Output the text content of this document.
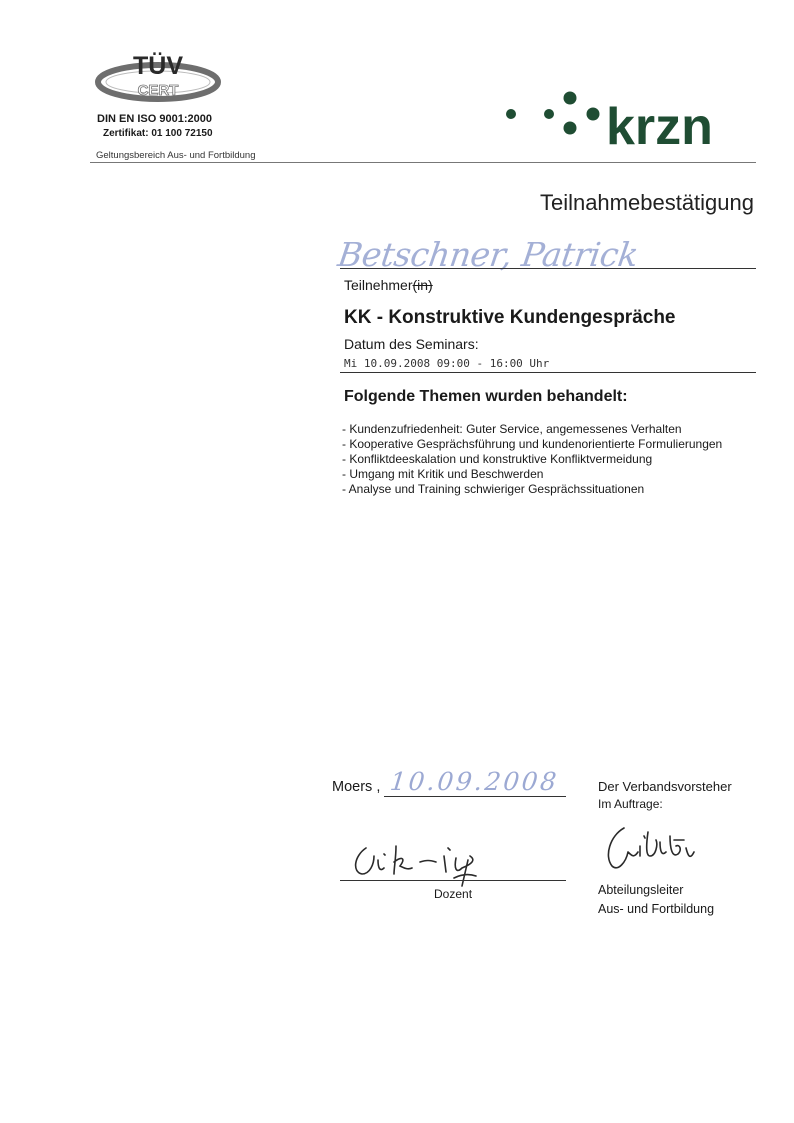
TÜV
CERT
DIN EN ISO 9001:2000
Zertifikat: 01 100 72150
Geltungsbereich Aus- und Fortbildung	krzn
Teilnahmebestätigung
Betschner, Patrick
Teilnehmer(in)
KK - Konstruktive Kundengespräche
Datum des Seminars:
Mi 10.09.2008 09:00 - 16:00 Uhr
Folgende Themen wurden behandelt:
- Kundenzufriedenheit: Guter Service, angemessenes Verhalten
- Kooperative Gesprächsführung und kundenorientierte Formulierungen
- Konfliktdeeskalation und konstruktive Konfliktvermeidung
- Umgang mit Kritik und Beschwerden
- Analyse und Training schwieriger Gesprächssituationen
Moers , 10.09.2008	Der Verbandsvorsteher
Im Auftrage:
Dozent	Abteilungsleiter
Aus- und Fortbildung
